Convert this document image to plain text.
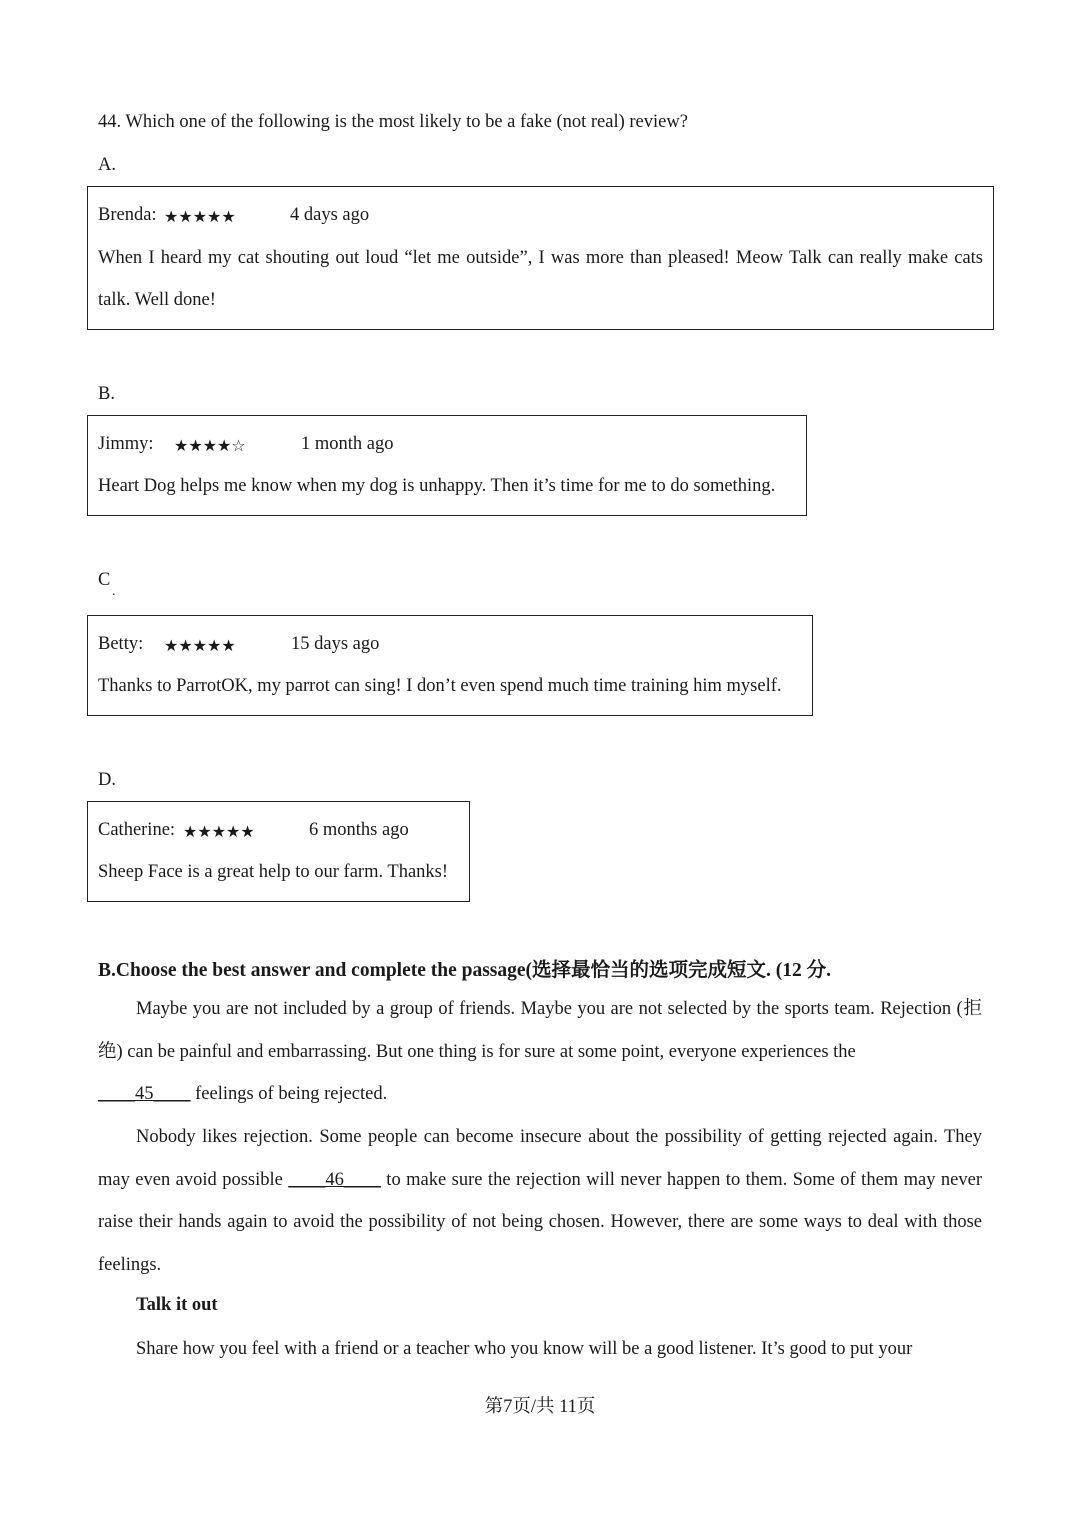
44. Which one of the following is the most likely to be a fake (not real) review?
A.
Brenda: ★★★★★	4 days ago
When I heard my cat shouting out loud “let me outside”, I was more than pleased! Meow Talk can really make cats talk. Well done!
B.
Jimmy: ★★★★☆	1 month ago
Heart Dog helps me know when my dog is unhappy. Then it’s time for me to do something.
C
.
Betty: ★★★★★	15 days ago
Thanks to ParrotOK, my parrot can sing! I don’t even spend much time training him myself.
D.
Catherine: ★★★★★	6 months ago
Sheep Face is a great help to our farm. Thanks!
B.Choose the best answer and complete the passage(选择最恰当的选项完成短文. (12 分.
Maybe you are not included by a group of friends. Maybe you are not selected by the sports team. Rejection (拒绝) can be painful and embarrassing. But one thing is for sure at some point, everyone experiences the
____45____ feelings of being rejected.
Nobody likes rejection. Some people can become insecure about the possibility of getting rejected again. They may even avoid possible ____46____ to make sure the rejection will never happen to them. Some of them may never raise their hands again to avoid the possibility of not being chosen. However, there are some ways to deal with those feelings.
Talk it out
Share how you feel with a friend or a teacher who you know will be a good listener. It’s good to put your
第7页/共 11页
